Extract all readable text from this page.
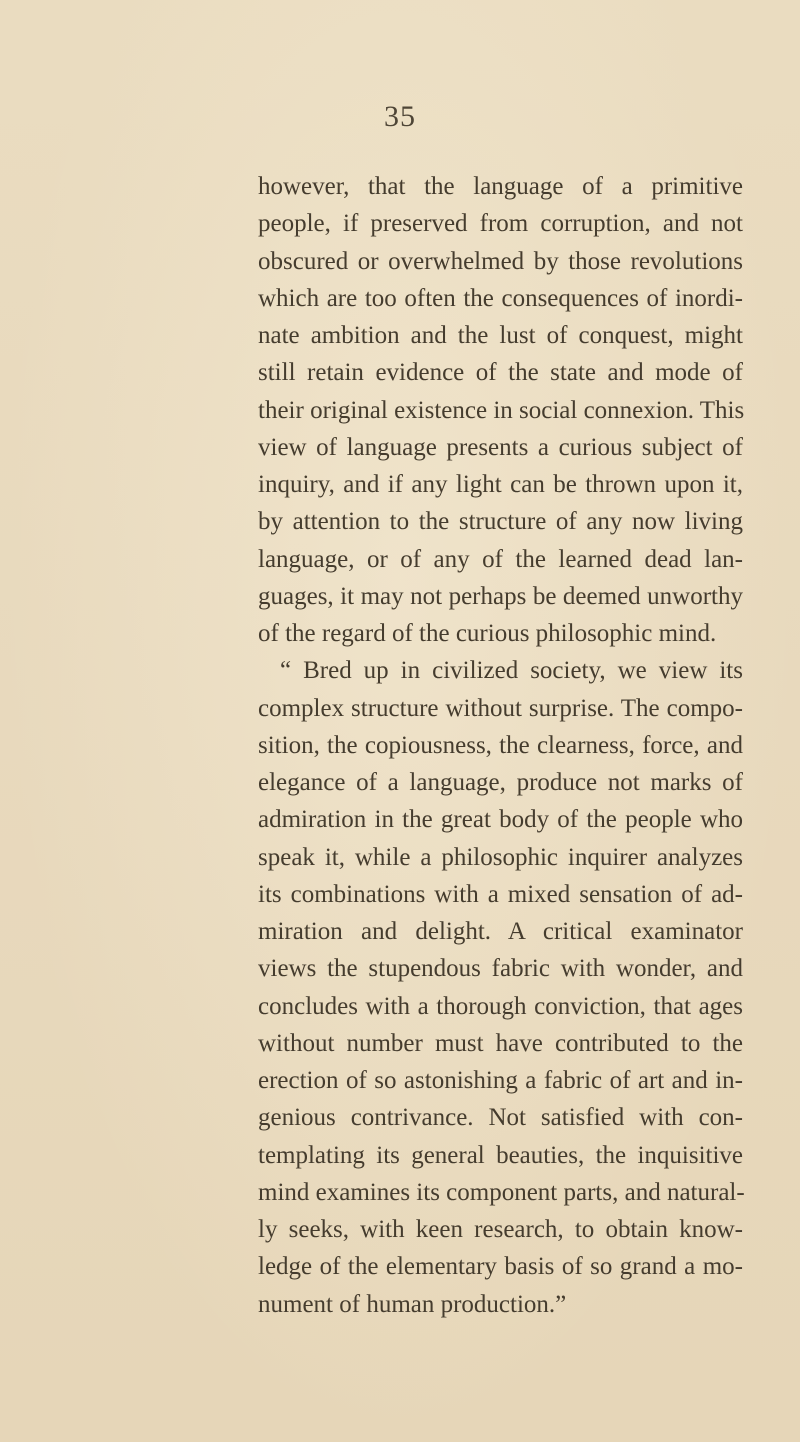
35
however, that the language of a primitive
people, if preserved from corruption, and not
obscured or overwhelmed by those revolutions
which are too often the consequences of inordi-
nate ambition and the lust of conquest, might
still retain evidence of the state and mode of
their original existence in social connexion. This
view of language presents a curious subject of
inquiry, and if any light can be thrown upon it,
by attention to the structure of any now living
language, or of any of the learned dead lan-
guages, it may not perhaps be deemed unworthy
of the regard of the curious philosophic mind.
“ Bred up in civilized society, we view its
complex structure without surprise. The compo-
sition, the copiousness, the clearness, force, and
elegance of a language, produce not marks of
admiration in the great body of the people who
speak it, while a philosophic inquirer analyzes
its combinations with a mixed sensation of ad-
miration and delight. A critical examinator
views the stupendous fabric with wonder, and
concludes with a thorough conviction, that ages
without number must have contributed to the
erection of so astonishing a fabric of art and in-
genious contrivance. Not satisfied with con-
templating its general beauties, the inquisitive
mind examines its component parts, and natural-
ly seeks, with keen research, to obtain know-
ledge of the elementary basis of so grand a mo-
nument of human production.”
